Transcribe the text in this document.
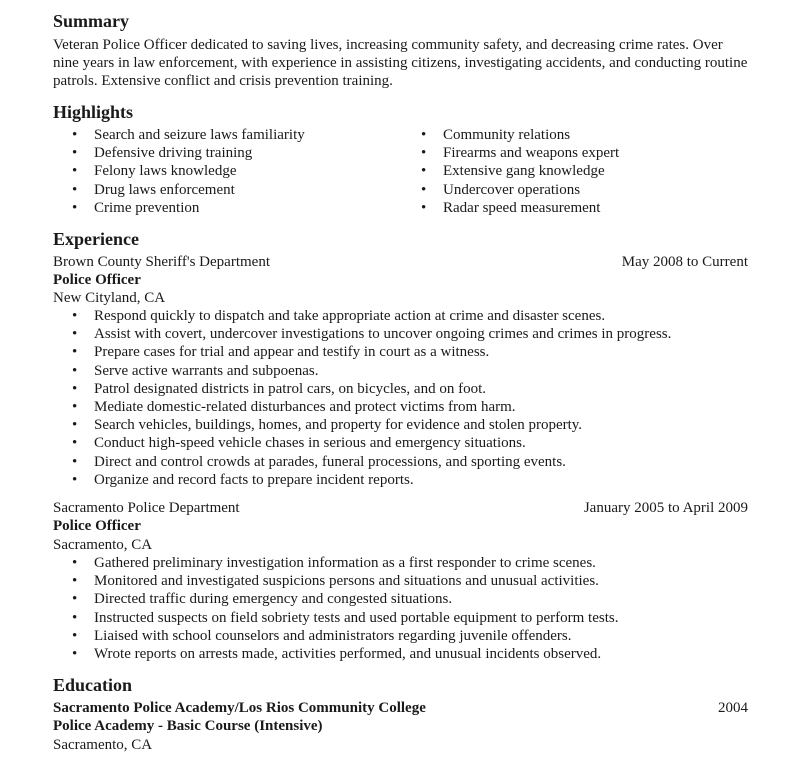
Summary
Veteran Police Officer dedicated to saving lives, increasing community safety, and decreasing crime rates. Over nine years in law enforcement, with experience in assisting citizens, investigating accidents, and conducting routine patrols. Extensive conflict and crisis prevention training.
Highlights
• Search and seizure laws familiarity
• Defensive driving training
• Felony laws knowledge
• Drug laws enforcement
• Crime prevention
• Community relations
• Firearms and weapons expert
• Extensive gang knowledge
• Undercover operations
• Radar speed measurement
Experience
Brown County Sheriff's Department	May 2008 to Current
Police Officer
New Cityland, CA
• Respond quickly to dispatch and take appropriate action at crime and disaster scenes.
• Assist with covert, undercover investigations to uncover ongoing crimes and crimes in progress.
• Prepare cases for trial and appear and testify in court as a witness.
• Serve active warrants and subpoenas.
• Patrol designated districts in patrol cars, on bicycles, and on foot.
• Mediate domestic-related disturbances and protect victims from harm.
• Search vehicles, buildings, homes, and property for evidence and stolen property.
• Conduct high-speed vehicle chases in serious and emergency situations.
• Direct and control crowds at parades, funeral processions, and sporting events.
• Organize and record facts to prepare incident reports.
Sacramento Police Department	January 2005 to April 2009
Police Officer
Sacramento, CA
• Gathered preliminary investigation information as a first responder to crime scenes.
• Monitored and investigated suspicions persons and situations and unusual activities.
• Directed traffic during emergency and congested situations.
• Instructed suspects on field sobriety tests and used portable equipment to perform tests.
• Liaised with school counselors and administrators regarding juvenile offenders.
• Wrote reports on arrests made, activities performed, and unusual incidents observed.
Education
Sacramento Police Academy/Los Rios Community College	2004
Police Academy - Basic Course (Intensive)
Sacramento, CA
